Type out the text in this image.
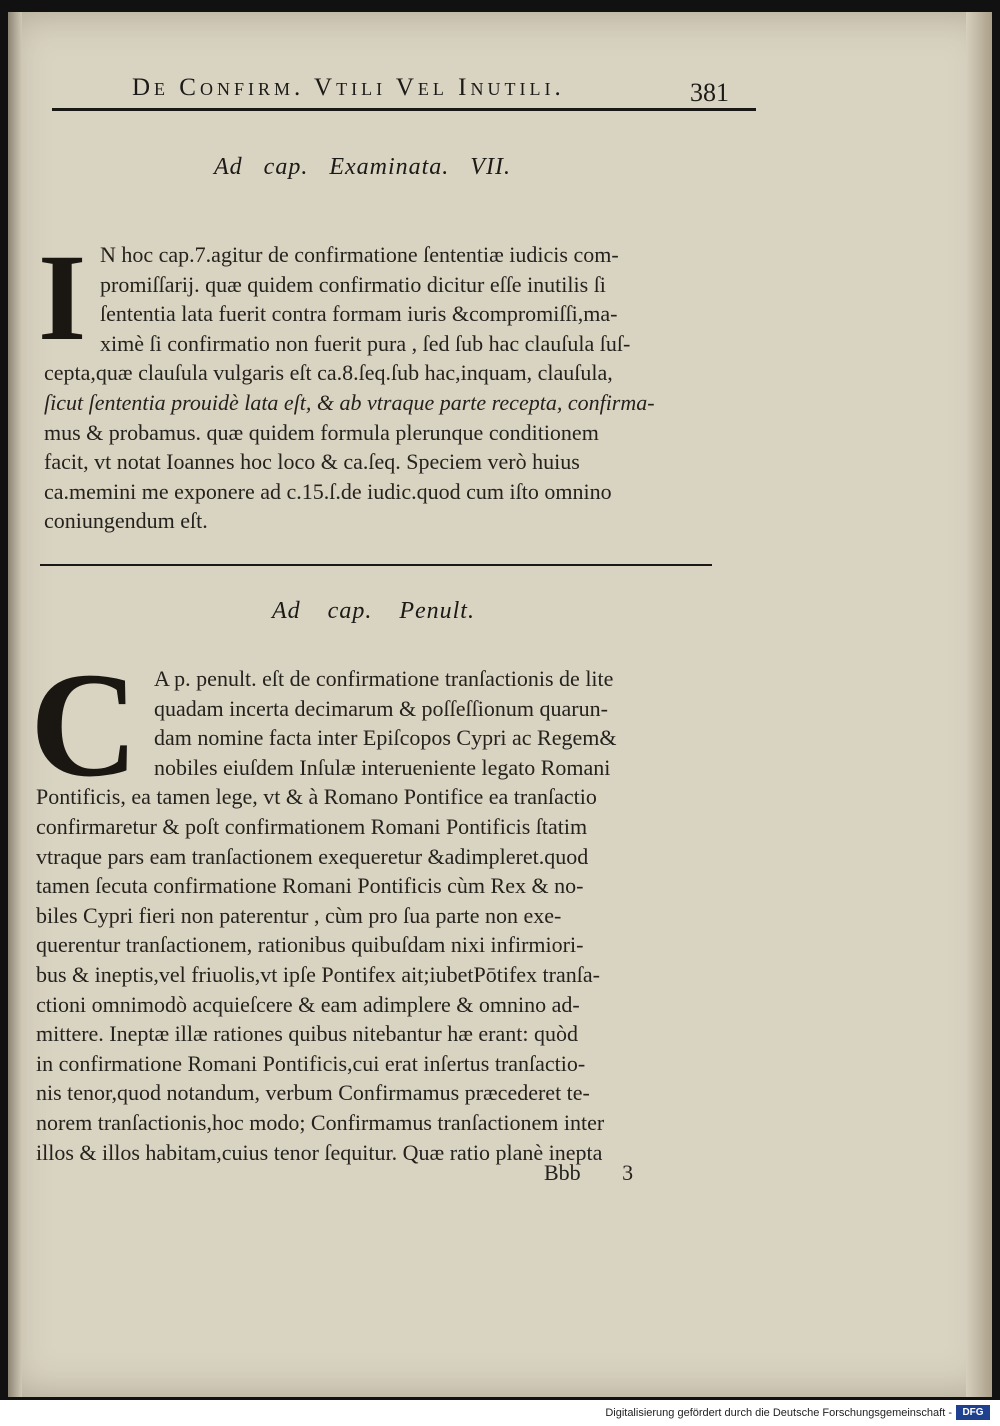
De Confirm. Vtili Vel Inutili.	381
Ad cap. Examinata. VII.
I N hoc cap.7.agitur de confirmatione ſententiæ iudicis com-
promiſſarij. quæ quidem confirmatio dicitur eſſe inutilis ſi
ſententia lata fuerit contra formam iuris &compromiſſi,ma-
ximè ſi confirmatio non fuerit pura , ſed ſub hac clauſula ſuſ-
cepta,quæ clauſula vulgaris eſt ca.8.ſeq.ſub hac,inquam, clauſula,
ſicut ſententia prouidè lata eſt, & ab vtraque parte recepta, confirma-
mus & probamus. quæ quidem formula plerunque conditionem
facit, vt notat Ioannes hoc loco & ca.ſeq. Speciem verò huius
ca.memini me exponere ad c.15.ſ.de iudic.quod cum iſto omnino
coniungendum eſt.
Ad cap. Penult.
C A p. penult. eſt de confirmatione tranſactionis de lite
quadam incerta decimarum & poſſeſſionum quarun-
dam nomine facta inter Epiſcopos Cypri ac Regem&
nobiles eiuſdem Inſulæ interueniente legato Romani
Pontificis, ea tamen lege, vt & à Romano Pontifice ea tranſactio
confirmaretur & poſt confirmationem Romani Pontificis ſtatim
vtraque pars eam tranſactionem exequeretur &adimpleret.quod
tamen ſecuta confirmatione Romani Pontificis cùm Rex & no-
biles Cypri fieri non paterentur , cùm pro ſua parte non exe-
querentur tranſactionem, rationibus quibuſdam nixi infirmiori-
bus & ineptis,vel friuolis,vt ipſe Pontifex ait;iubetPōtifex tranſa-
ctioni omnimodò acquieſcere & eam adimplere & omnino ad-
mittere. Ineptæ illæ rationes quibus nitebantur hæ erant: quòd
in confirmatione Romani Pontificis,cui erat inſertus tranſactio-
nis tenor,quod notandum, verbum Confirmamus præcederet te-
norem tranſactionis,hoc modo; Confirmamus tranſactionem inter
illos & illos habitam,cuius tenor ſequitur. Quæ ratio planè inepta
Bbb 3
Digitalisierung gefördert durch die Deutsche Forschungsgemeinschaft -	DFG
